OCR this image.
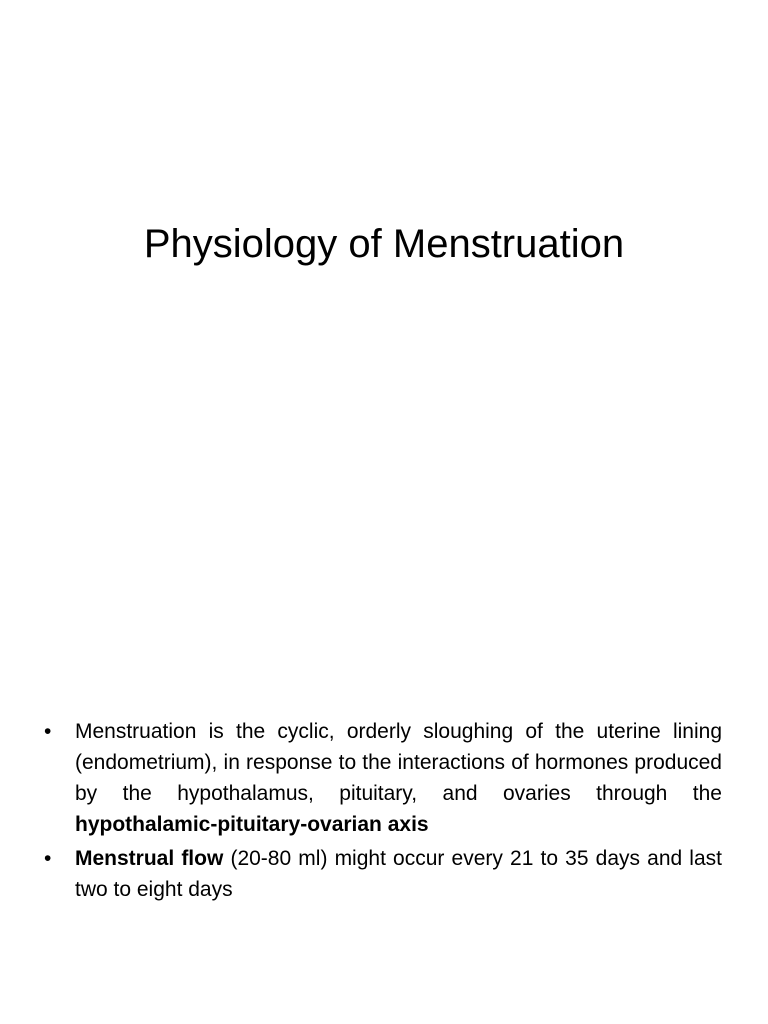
Physiology of Menstruation
•	Menstruation is the cyclic, orderly sloughing of the uterine lining (endometrium), in response to the interactions of hormones produced by the hypothalamus, pituitary, and ovaries through the hypothalamic-pituitary-ovarian axis
•	Menstrual flow (20-80 ml) might occur every 21 to 35 days and last two to eight days
